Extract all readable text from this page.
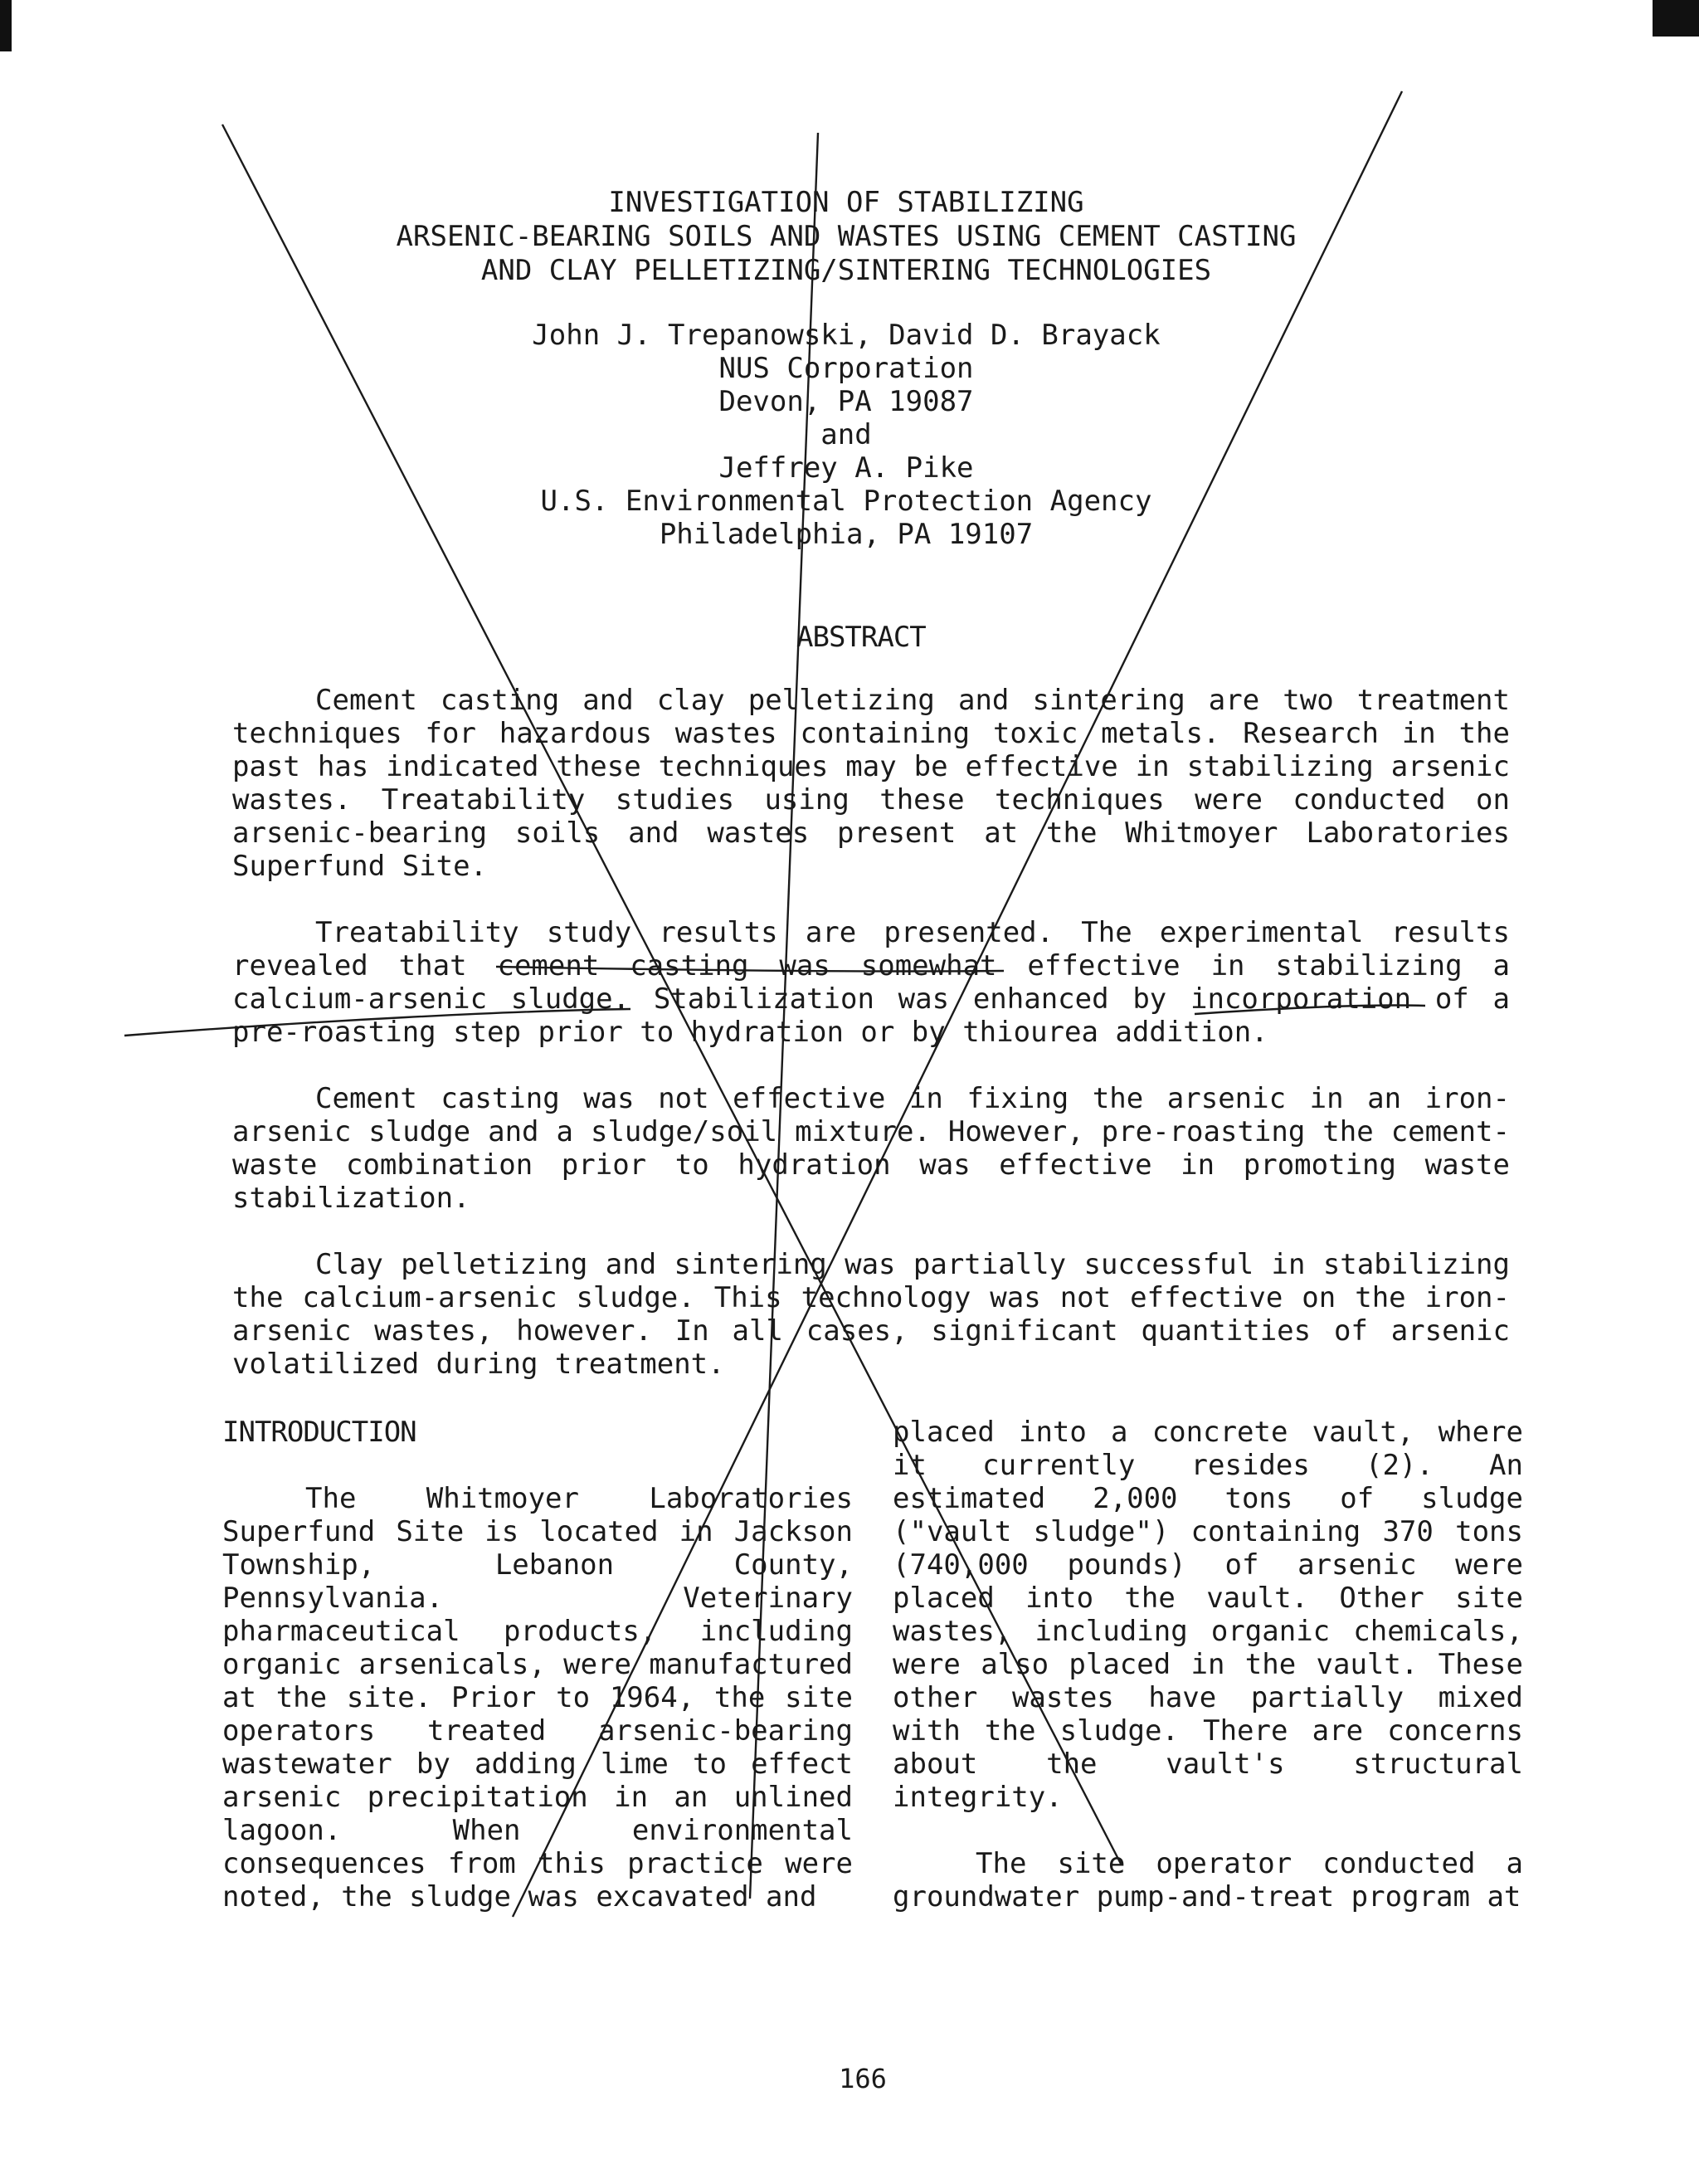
INVESTIGATION OF STABILIZING
ARSENIC-BEARING SOILS AND WASTES USING CEMENT CASTING
AND CLAY PELLETIZING/SINTERING TECHNOLOGIES
John J. Trepanowski, David D. Brayack
NUS Corporation
Devon, PA 19087
and
Jeffrey A. Pike
U.S. Environmental Protection Agency
Philadelphia, PA 19107
ABSTRACT

Cement casting and clay pelletizing and sintering are two treatment techniques for hazardous wastes containing toxic metals. Research in the past has indicated these techniques may be effective in stabilizing arsenic wastes. Treatability studies using these techniques were conducted on arsenic-bearing soils and wastes present at the Whitmoyer Laboratories Superfund Site.

Treatability study results are presented. The experimental results revealed that cement casting was somewhat effective in stabilizing a calcium-arsenic sludge. Stabilization was enhanced by incorporation of a pre-roasting step prior to hydration or by thiourea addition.

Cement casting was not effective in fixing the arsenic in an iron-arsenic sludge and a sludge/soil mixture. However, pre-roasting the cement-waste combination prior to hydration was effective in promoting waste stabilization.

Clay pelletizing and sintering was partially successful in stabilizing the calcium-arsenic sludge. This technology was not effective on the iron-arsenic wastes, however. In all cases, significant quantities of arsenic volatilized during treatment.

INTRODUCTION

The Whitmoyer Laboratories Superfund Site is located in Jackson Township, Lebanon County, Pennsylvania. Veterinary pharmaceutical products, including organic arsenicals, were manufactured at the site. Prior to 1964, the site operators treated arsenic-bearing wastewater by adding lime to effect arsenic precipitation in an unlined lagoon. When environmental consequences from this practice were noted, the sludge was excavated and

placed into a concrete vault, where it currently resides (2). An estimated 2,000 tons of sludge ("vault sludge") containing 370 tons (740,000 pounds) of arsenic were placed into the vault. Other site wastes, including organic chemicals, were also placed in the vault. These other wastes have partially mixed with the sludge. There are concerns about the vault's structural integrity.

The site operator conducted a groundwater pump-and-treat program at

166
